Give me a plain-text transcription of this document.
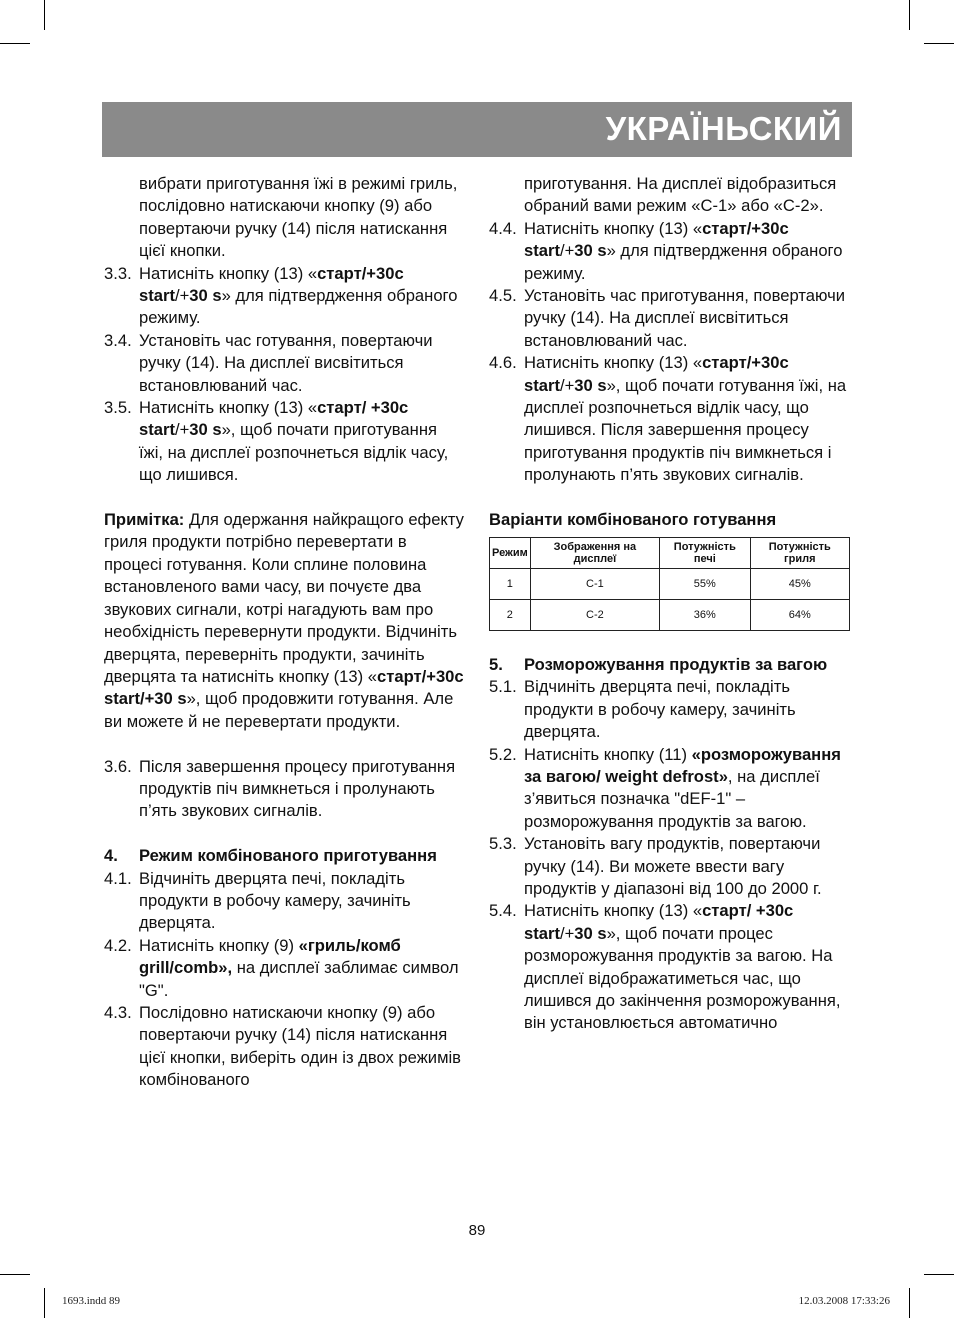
УКРАЇНЬСКИЙ

вибрати приготування їжі в режимі гриль, послідовно натискаючи кнопку (9) або повертаючи ручку (14) після натискання цієї кнопки.

3.3. Натисніть кнопку (13) «старт/+30c start/+30 s» для підтвердження обраного режиму.
3.4. Установіть час готування, повертаючи ручку (14). На дисплеї висвітиться встановлюваний час.
3.5. Натисніть кнопку (13) «старт/ +30c start/+30 s», щоб почати приготування їжі, на дисплеї розпочнеться відлік часу, що лишився.

Примітка: Для одержання найкращого ефекту гриля продукти потрібно перевертати в процесі готування. Коли сплине половина встановленого вами часу, ви почуєте два звукових сигнали, котрі нагадують вам про необхідність перевернути продукти. Відчиніть дверцята, переверніть продукти, зачиніть дверцята та натисніть кнопку (13) «старт/+30c start/+30 s», щоб продовжити готування. Але ви можете й не перевертати продукти.

3.6. Після завершення процесу приготування продуктів піч вимкнеться і пролунають п’ять звукових сигналів.
4.	Режим комбінованого приготування
4.1. Відчиніть дверцята печі, покладіть продукти в робочу камеру, зачиніть дверцята.
4.2. Натисніть кнопку (9) «гриль/комб grill/comb», на дисплеї заблимає символ "G".
4.3. Послідовно натискаючи кнопку (9) або повертаючи ручку (14) після натискання цієї кнопки, виберіть один із двох режимів комбінованого

приготування. На дисплеї відобразиться обраний вами режим «С-1» або «С-2».

4.4. Натисніть кнопку (13) «старт/+30c start/+30 s» для підтвердження обраного режиму.
4.5. Установіть час приготування, повертаючи ручку (14). На дисплеї висвітиться встановлюваний час.
4.6. Натисніть кнопку (13) «старт/+30c start/+30 s», щоб почати готування їжі, на дисплеї розпочнеться відлік часу, що лишився. Після завершення процесу приготування продуктів піч вимкнеться і пролунають п’ять звукових сигналів.

Варіанти комбінованого готування

Режим	Зображення на дисплеї	Потужність печі	Потужність гриля
1	С-1	55%	45%
2	С-2	36%	64%
5.	Розморожування продуктів за вагою
5.1. Відчиніть дверцята печі, покладіть продукти в робочу камеру, зачиніть дверцята.
5.2. Натисніть кнопку (11) «розморожування за вагою/ weight defrost», на дисплеї з’явиться позначка "dEF-1" – розморожування продуктів за вагою.
5.3. Установіть вагу продуктів, повертаючи ручку (14). Ви можете ввести вагу продуктів у діапазоні від 100 до 2000 г.
5.4. Натисніть кнопку (13) «старт/ +30c start/+30 s», щоб почати процес розморожування продуктів за вагою. На дисплеї відображатиметься час, що лишився до закінчення розморожування, він установлюється автоматично
89
1693.indd 89	12.03.2008 17:33:26
